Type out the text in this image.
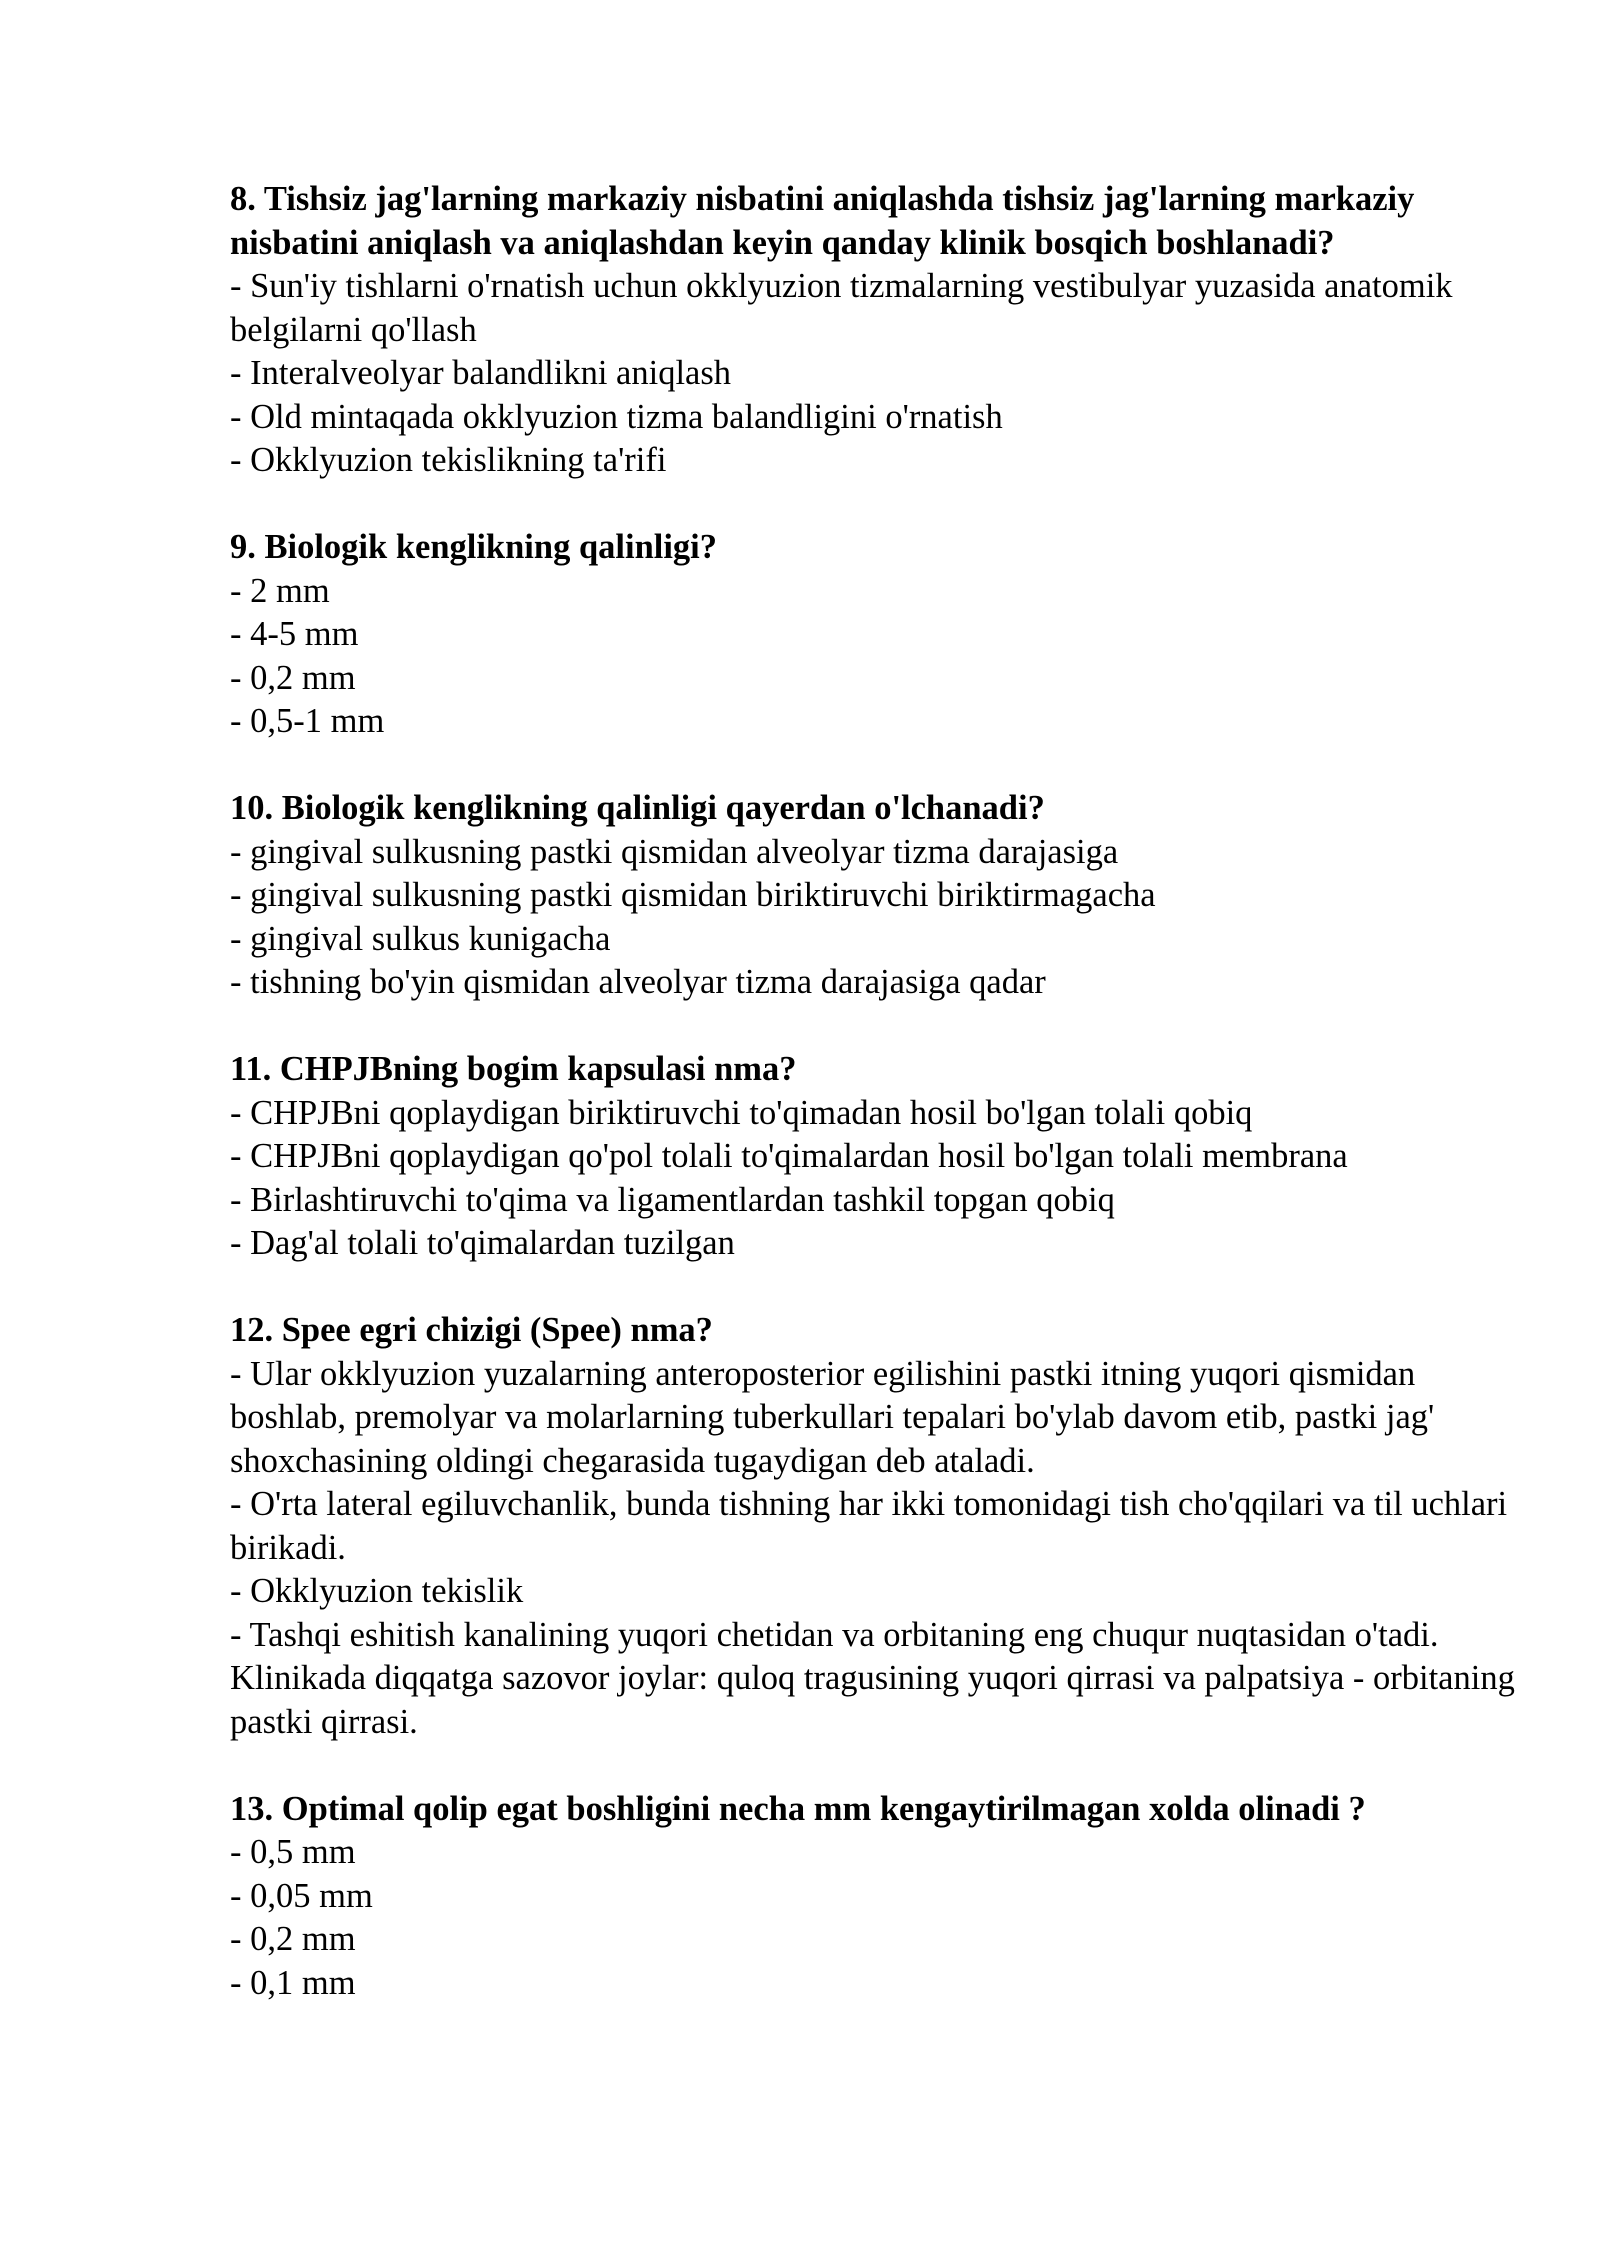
8. Tishsiz jag'larning markaziy nisbatini aniqlashda tishsiz jag'larning markaziy nisbatini aniqlash va aniqlashdan keyin qanday klinik bosqich boshlanadi?

- Sun'iy tishlarni o'rnatish uchun okklyuzion tizmalarning vestibulyar yuzasida anatomik belgilarni qo'llash

- Interalveolyar balandlikni aniqlash

- Old mintaqada okklyuzion tizma balandligini o'rnatish

- Okklyuzion tekislikning ta'rifi

9. Biologik kenglikning qalinligi?

- 2 mm

- 4-5 mm

- 0,2 mm

- 0,5-1 mm

10. Biologik kenglikning qalinligi qayerdan o'lchanadi?

- gingival sulkusning pastki qismidan alveolyar tizma darajasiga

- gingival sulkusning pastki qismidan biriktiruvchi biriktirmagacha

- gingival sulkus kunigacha

- tishning bo'yin qismidan alveolyar tizma darajasiga qadar

11. CHPJBning bogim kapsulasi nma?

- CHPJBni qoplaydigan biriktiruvchi to'qimadan hosil bo'lgan tolali qobiq

- CHPJBni qoplaydigan qo'pol tolali to'qimalardan hosil bo'lgan tolali membrana

- Birlashtiruvchi to'qima va ligamentlardan tashkil topgan qobiq

- Dag'al tolali to'qimalardan tuzilgan

12. Spee egri chizigi (Spee) nma?

- Ular okklyuzion yuzalarning anteroposterior egilishini pastki itning yuqori qismidan boshlab, premolyar va molarlarning tuberkullari tepalari bo'ylab davom etib, pastki jag' shoxchasining oldingi chegarasida tugaydigan deb ataladi.

- O'rta lateral egiluvchanlik, bunda tishning har ikki tomonidagi tish cho'qqilari va til uchlari birikadi.

- Okklyuzion tekislik

- Tashqi eshitish kanalining yuqori chetidan va orbitaning eng chuqur nuqtasidan o'tadi. Klinikada diqqatga sazovor joylar: quloq tragusining yuqori qirrasi va palpatsiya - orbitaning pastki qirrasi.

13. Optimal qolip egat boshligini necha mm kengaytirilmagan xolda olinadi ?

- 0,5 mm

- 0,05 mm

- 0,2 mm

- 0,1 mm
